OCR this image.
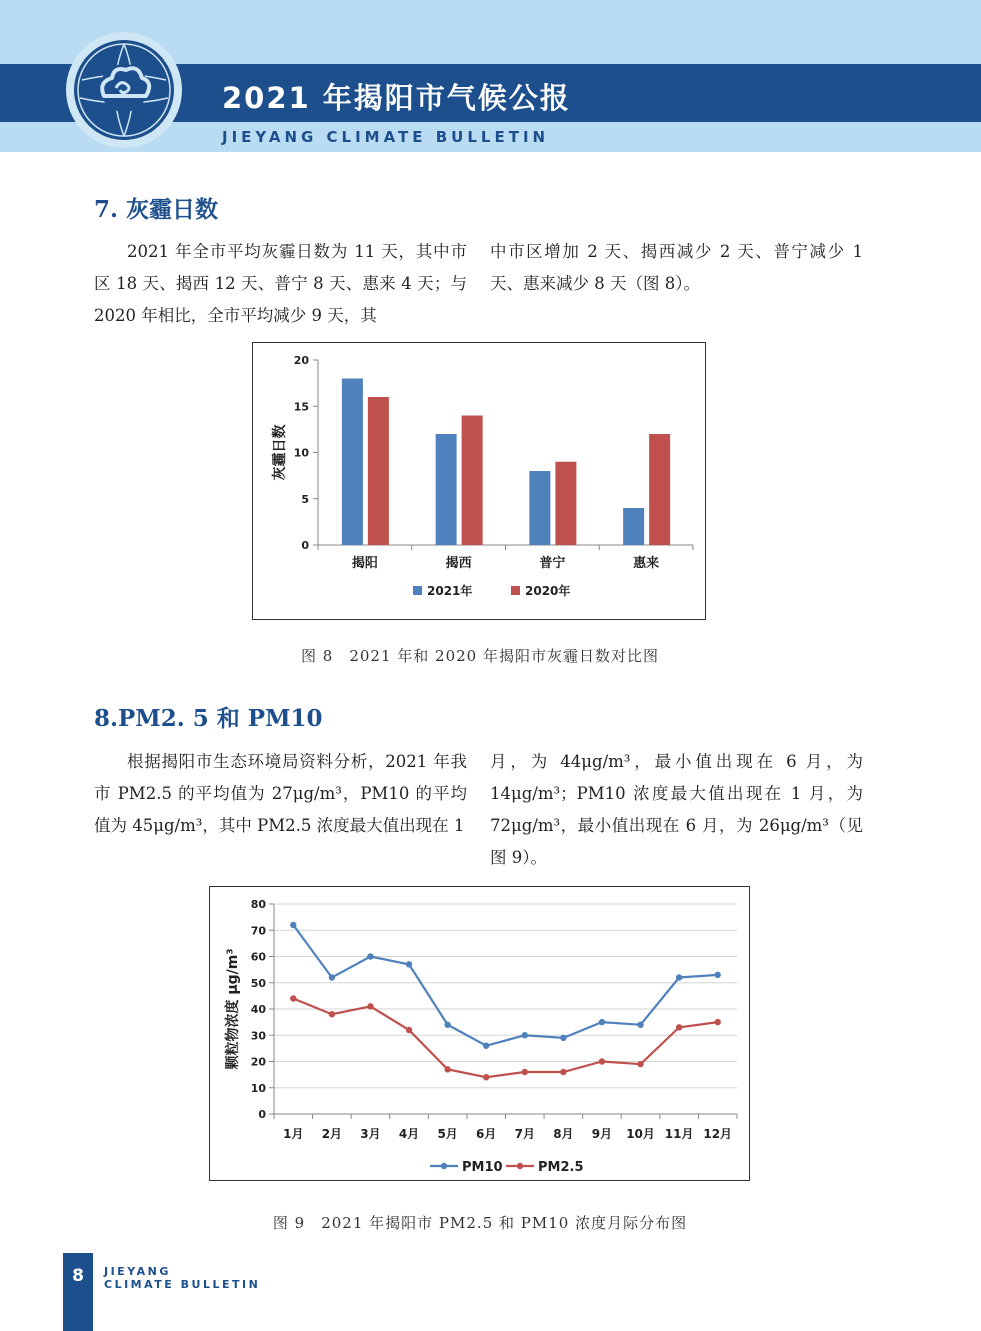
2021 年揭阳市气候公报
JIEYANG CLIMATE BULLETIN
7. 灰霾日数

2021 年全市平均灰霾日数为 11 天，其中市区 18 天、揭西 12 天、普宁 8 天、惠来 4 天；与 2020 年相比，全市平均减少 9 天，其

中市区增加 2 天、揭西减少 2 天、普宁减少 1 天、惠来减少 8 天（图 8）。

0
5
10
15
20
揭阳	揭西	普宁	惠来
灰霾日数
2021年	2020年
图 8　2021 年和 2020 年揭阳市灰霾日数对比图
8.PM2. 5 和 PM10

根据揭阳市生态环境局资料分析，2021 年我市 PM2.5 的平均值为 27μg/m³，PM10 的平均值为 45μg/m³，其中 PM2.5 浓度最大值出现在 1

月，为 44μg/m³，最小值出现在 6 月，为 14μg/m³；PM10 浓度最大值出现在 1 月，为 72μg/m³，最小值出现在 6 月，为 26μg/m³（见图 9）。

0
10
20
30
40
50
60
70
80
1月 2月 3月 4月 5月 6月 7月 8月 9月 10月 11月 12月
颗粒物浓度 μg/m³
PM10	PM2.5
图 9　2021 年揭阳市 PM2.5 和 PM10 浓度月际分布图
8	JIEYANG
CLIMATE BULLETIN
